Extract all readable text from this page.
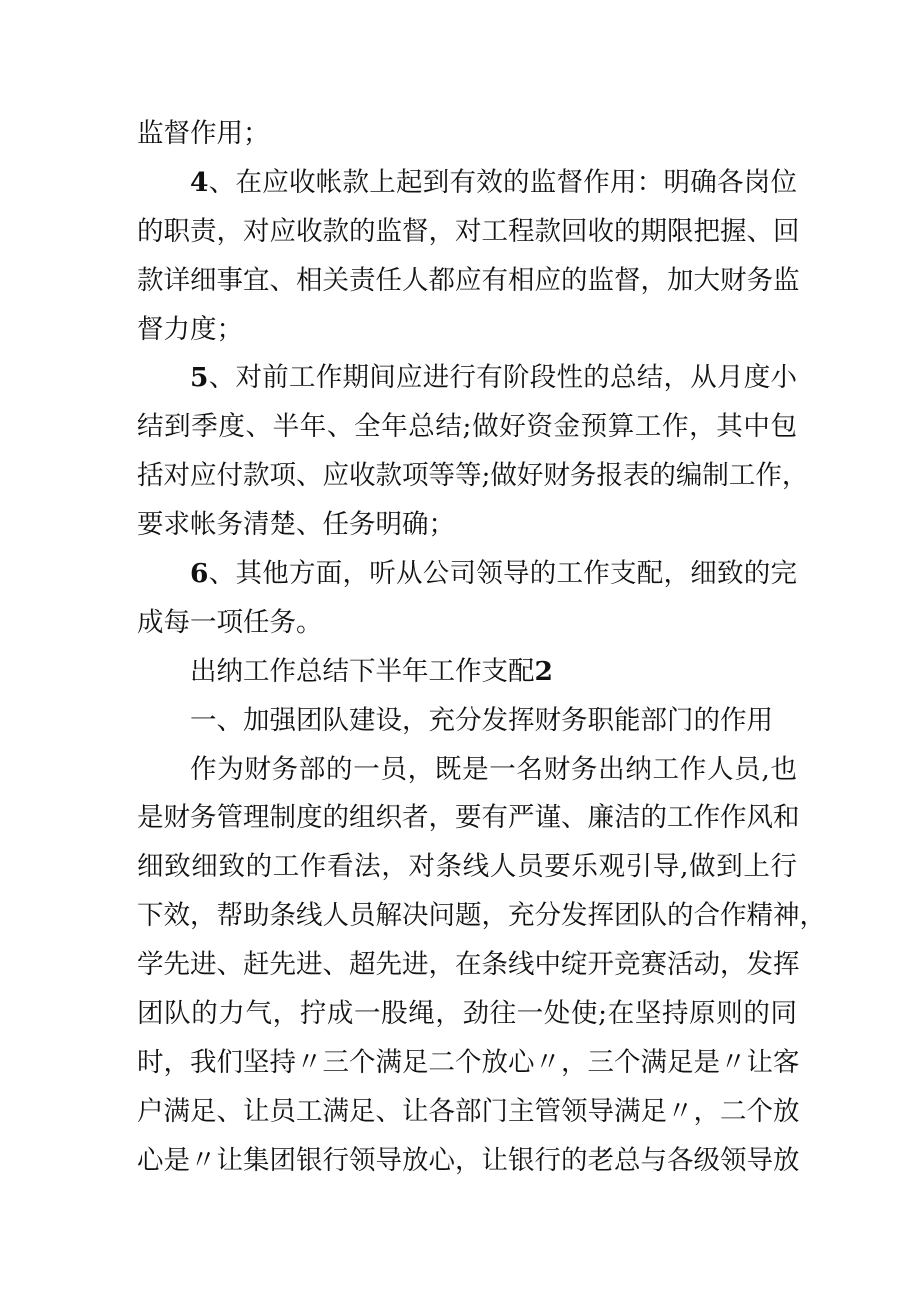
监督作用；
4、在应收帐款上起到有效的监督作用：明确各岗位
的职责，对应收款的监督，对工程款回收的期限把握、回
款详细事宜、相关责任人都应有相应的监督，加大财务监
督力度；
5、对前工作期间应进行有阶段性的总结，从月度小
结到季度、半年、全年总结;做好资金预算工作，其中包
括对应付款项、应收款项等等;做好财务报表的编制工作，
要求帐务清楚、任务明确；
6、其他方面，听从公司领导的工作支配，细致的完
成每一项任务。
出纳工作总结下半年工作支配2
一、加强团队建设，充分发挥财务职能部门的作用
作为财务部的一员，既是一名财务出纳工作人员,也
是财务管理制度的组织者，要有严谨、廉洁的工作作风和
细致细致的工作看法，对条线人员要乐观引导,做到上行
下效，帮助条线人员解决问题，充分发挥团队的合作精神，
学先进、赶先进、超先进，在条线中绽开竞赛活动，发挥
团队的力气，拧成一股绳，劲往一处使;在坚持原则的同
时，我们坚持〃三个满足二个放心〃，三个满足是〃让客
户满足、让员工满足、让各部门主管领导满足〃，二个放
心是〃让集团银行领导放心，让银行的老总与各级领导放
